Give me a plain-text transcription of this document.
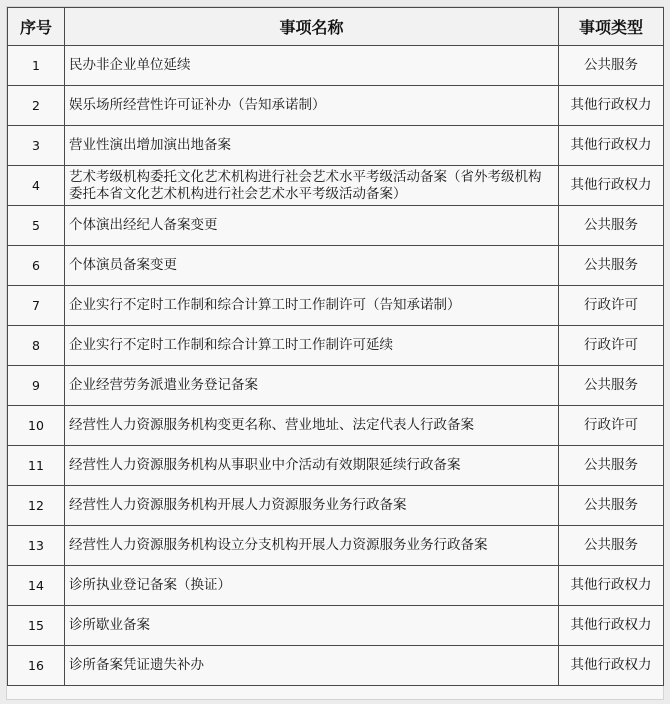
序号	事项名称	事项类型
1	民办非企业单位延续	公共服务
2	娱乐场所经营性许可证补办（告知承诺制）	其他行政权力
3	营业性演出增加演出地备案	其他行政权力
4	艺术考级机构委托文化艺术机构进行社会艺术水平考级活动备案（省外考级机构委托本省文化艺术机构进行社会艺术水平考级活动备案）	其他行政权力
5	个体演出经纪人备案变更	公共服务
6	个体演员备案变更	公共服务
7	企业实行不定时工作制和综合计算工时工作制许可（告知承诺制）	行政许可
8	企业实行不定时工作制和综合计算工时工作制许可延续	行政许可
9	企业经营劳务派遣业务登记备案	公共服务
10	经营性人力资源服务机构变更名称、营业地址、法定代表人行政备案	行政许可
11	经营性人力资源服务机构从事职业中介活动有效期限延续行政备案	公共服务
12	经营性人力资源服务机构开展人力资源服务业务行政备案	公共服务
13	经营性人力资源服务机构设立分支机构开展人力资源服务业务行政备案	公共服务
14	诊所执业登记备案（换证）	其他行政权力
15	诊所歇业备案	其他行政权力
16	诊所备案凭证遗失补办	其他行政权力
